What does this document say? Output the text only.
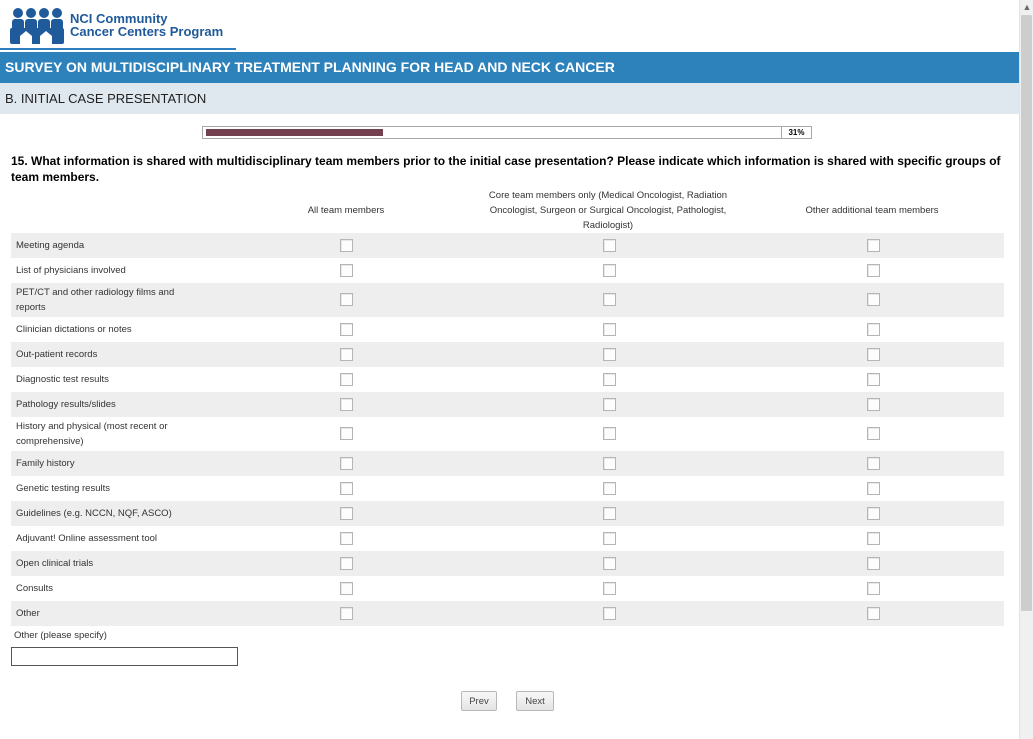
NCI Community
Cancer Centers Program
SURVEY ON MULTIDISCIPLINARY TREATMENT PLANNING FOR HEAD AND NECK CANCER
B. INITIAL CASE PRESENTATION
31%
15. What information is shared with multidisciplinary team members prior to the initial case presentation? Please indicate which information is shared with specific groups of team members.
All team members
Core team members only (Medical Oncologist, Radiation Oncologist, Surgeon or Surgical Oncologist, Pathologist, Radiologist)
Other additional team members
Meeting agenda
List of physicians involved
PET/CT and other radiology films and reports
Clinician dictations or notes
Out-patient records
Diagnostic test results
Pathology results/slides
History and physical (most recent or comprehensive)
Family history
Genetic testing results
Guidelines (e.g. NCCN, NQF, ASCO)
Adjuvant! Online assessment tool
Open clinical trials
Consults
Other
Other (please specify)
Prev	Next
▲
